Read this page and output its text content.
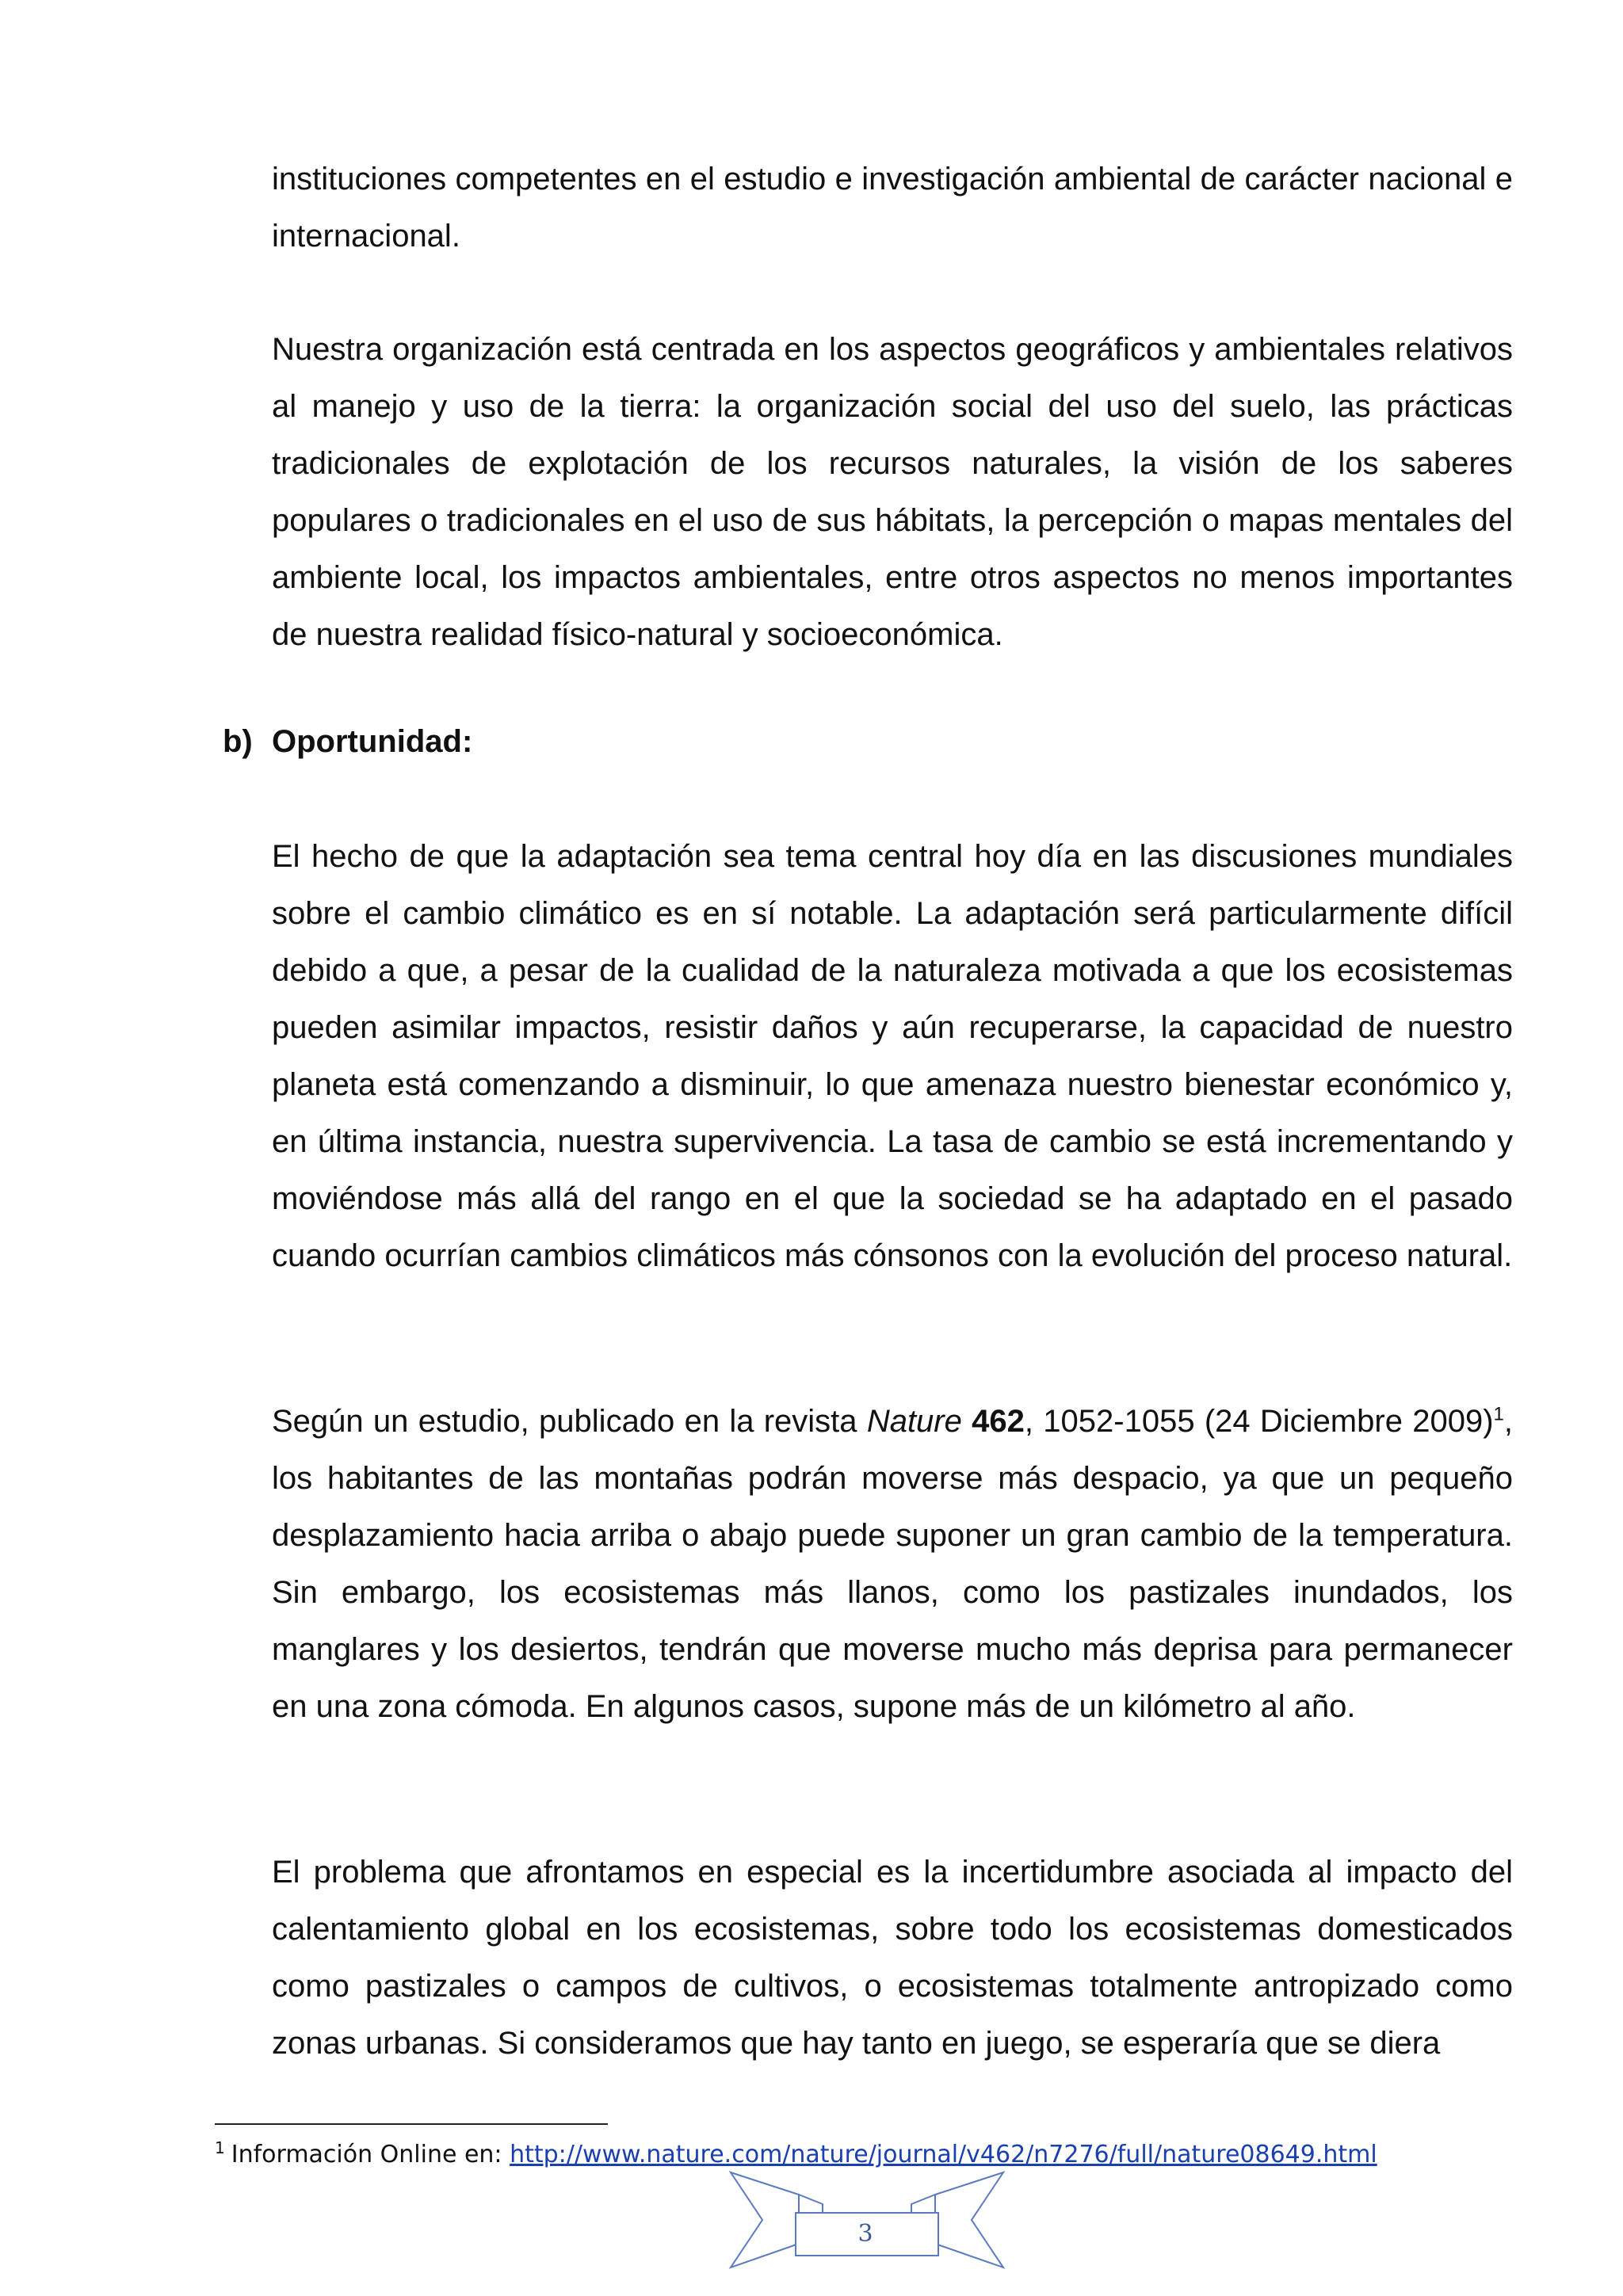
instituciones competentes en el estudio e investigación ambiental de carácter nacional e internacional.

Nuestra organización está centrada en los aspectos geográficos y ambientales relativos al manejo y uso de la tierra: la organización social del uso del suelo, las prácticas tradicionales de explotación de los recursos naturales, la visión de los saberes populares o tradicionales en el uso de sus hábitats, la percepción o mapas mentales del ambiente local, los impactos ambientales, entre otros aspectos no menos importantes de nuestra realidad físico-natural y socioeconómica.

b) Oportunidad:

El hecho de que la adaptación sea tema central hoy día en las discusiones mundiales sobre el cambio climático es en sí notable. La adaptación será particularmente difícil debido a que, a pesar de la cualidad de la naturaleza motivada a que los ecosistemas pueden asimilar impactos, resistir daños y aún recuperarse, la capacidad de nuestro planeta está comenzando a disminuir, lo que amenaza nuestro bienestar económico y, en última instancia, nuestra supervivencia. La tasa de cambio se está incrementando y moviéndose más allá del rango en el que la sociedad se ha adaptado en el pasado cuando ocurrían cambios climáticos más cónsonos con la evolución del proceso natural.

Según un estudio, publicado en la revista Nature 462, 1052-1055 (24 Diciembre 2009)$^1$, los habitantes de las montañas podrán moverse más despacio, ya que un pequeño desplazamiento hacia arriba o abajo puede suponer un gran cambio de la temperatura. Sin embargo, los ecosistemas más llanos, como los pastizales inundados, los manglares y los desiertos, tendrán que moverse mucho más deprisa para permanecer en una zona cómoda. En algunos casos, supone más de un kilómetro al año.

El problema que afrontamos en especial es la incertidumbre asociada al impacto del calentamiento global en los ecosistemas, sobre todo los ecosistemas domesticados como pastizales o campos de cultivos, o ecosistemas totalmente antropizado como zonas urbanas. Si consideramos que hay tanto en juego, se esperaría que se diera

$^1$ Información Online en: http://www.nature.com/nature/journal/v462/n7276/full/nature08649.html
3
